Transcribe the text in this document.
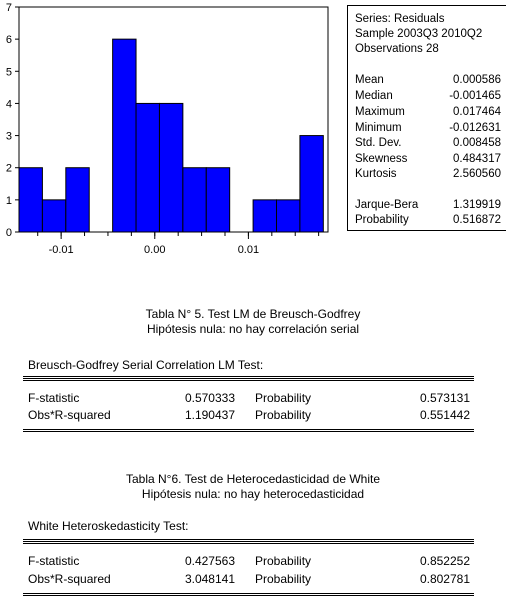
0
1
2
3
4
5
6
7
-0.01	0.00	0.01
Series: Residuals
Sample 2003Q3 2010Q2
Observations 28
Mean	0.000586
Median	-0.001465
Maximum	0.017464
Minimum	-0.012631
Std. Dev.	0.008458
Skewness	0.484317
Kurtosis	2.560560
Jarque-Bera	1.319919
Probability	0.516872
Tabla N° 5. Test LM de Breusch-Godfrey
Hipótesis nula: no hay correlación serial
Breusch-Godfrey Serial Correlation LM Test:
F-statistic	0.570333 Probability	0.573131
Obs*R-squared	1.190437 Probability	0.551442
Tabla N°6. Test de Heterocedasticidad de White
Hipótesis nula: no hay heterocedasticidad
White Heteroskedasticity Test:
F-statistic	0.427563 Probability	0.852252
Obs*R-squared	3.048141 Probability	0.802781
